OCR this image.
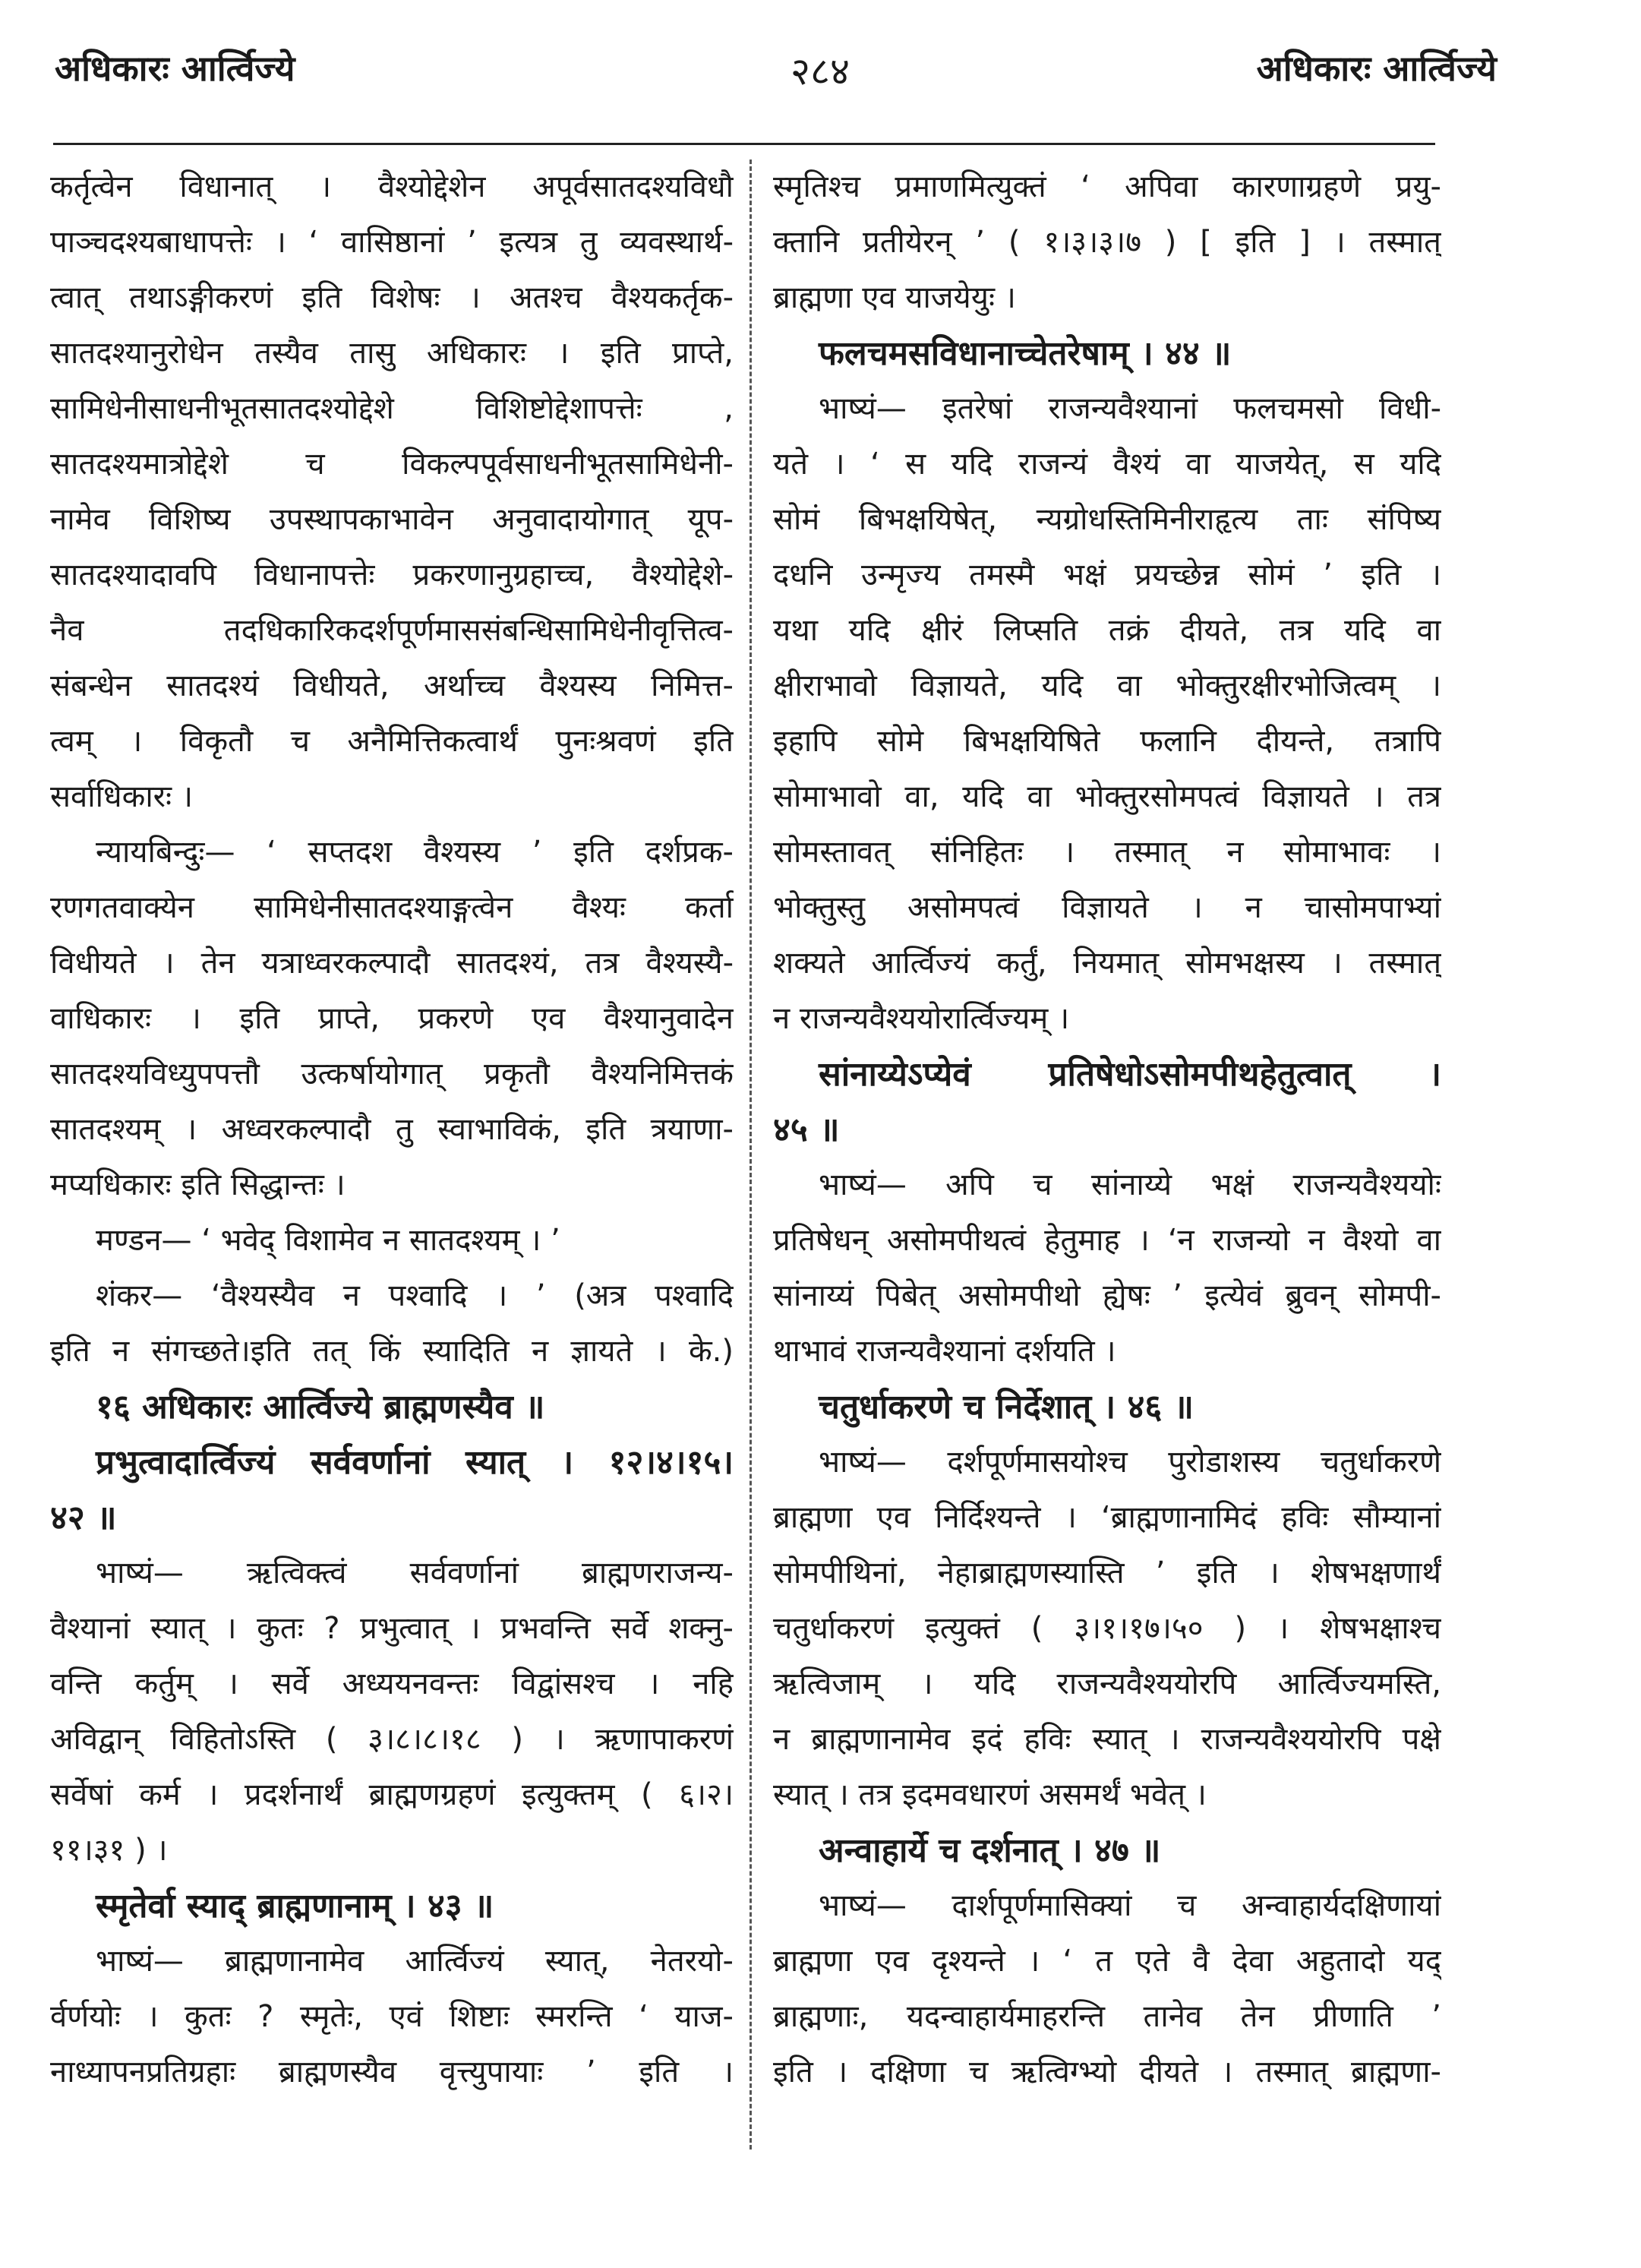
अधिकारः आर्त्विज्ये	२८४	अधिकारः आर्त्विज्ये
कर्तृत्वेन विधानात् । वैश्योद्देशेन अपूर्वसातदश्यविधौ
पाञ्चदश्यबाधापत्तेः । ‘ वासिष्ठानां ’ इत्यत्र तु व्यवस्थार्थ-
त्वात् तथाऽङ्गीकरणं इति विशेषः । अतश्च वैश्यकर्तृक-
सातदश्यानुरोधेन तस्यैव तासु अधिकारः । इति प्राप्ते,
सामिधेनीसाधनीभूतसातदश्योद्देशे विशिष्टोद्देशापत्तेः ,
सातदश्यमात्रोद्देशे च विकल्पपूर्वसाधनीभूतसामिधेनी-
नामेव विशिष्य उपस्थापकाभावेन अनुवादायोगात् यूप-
सातदश्यादावपि विधानापत्तेः प्रकरणानुग्रहाच्च, वैश्योद्देशे-
नैव तदधिकारिकदर्शपूर्णमाससंबन्धिसामिधेनीवृत्तित्व-
संबन्धेन सातदश्यं विधीयते, अर्थाच्च वैश्यस्य निमित्त-
त्वम् । विकृतौ च अनैमित्तिकत्वार्थं पुनःश्रवणं इति
सर्वाधिकारः ।
न्यायबिन्दुः— ‘ सप्तदश वैश्यस्य ’ इति दर्शप्रक-
रणगतवाक्येन सामिधेनीसातदश्याङ्गत्वेन वैश्यः कर्ता
विधीयते । तेन यत्राध्वरकल्पादौ सातदश्यं, तत्र वैश्यस्यै-
वाधिकारः । इति प्राप्ते, प्रकरणे एव वैश्यानुवादेन
सातदश्यविध्युपपत्तौ उत्कर्षायोगात् प्रकृतौ वैश्यनिमित्तकं
सातदश्यम् । अध्वरकल्पादौ तु स्वाभाविकं, इति त्रयाणा-
मप्यधिकारः इति सिद्धान्तः ।
मण्डन— ‘ भवेद् विशामेव न सातदश्यम् । ’
शंकर— ‘वैश्यस्यैव न पश्वादि । ’ (अत्र पश्वादि
इति न संगच्छते।इति तत् किं स्यादिति न ज्ञायते । के.)
१६ अधिकारः आर्त्विज्ये ब्राह्मणस्यैव ॥
प्रभुत्वादार्त्विज्यं सर्ववर्णानां स्यात् । १२।४।१५।
४२ ॥
भाष्यं— ऋत्विक्त्वं सर्ववर्णानां ब्राह्मणराजन्य-
वैश्यानां स्यात् । कुतः ? प्रभुत्वात् । प्रभवन्ति सर्वे शक्नु-
वन्ति कर्तुम् । सर्वे अध्ययनवन्तः विद्वांसश्च । नहि
अविद्वान् विहितोऽस्ति ( ३।८।८।१८ ) । ऋणापाकरणं
सर्वेषां कर्म । प्रदर्शनार्थं ब्राह्मणग्रहणं इत्युक्तम् ( ६।२।
११।३१ ) ।
स्मृतेर्वा स्याद् ब्राह्मणानाम् । ४३ ॥
भाष्यं— ब्राह्मणानामेव आर्त्विज्यं स्यात्, नेतरयो-
र्वर्णयोः । कुतः ? स्मृतेः, एवं शिष्टाः स्मरन्ति ‘ याज-
नाध्यापनप्रतिग्रहाः ब्राह्मणस्यैव वृत्त्युपायाः ’ इति ।
स्मृतिश्च प्रमाणमित्युक्तं ‘ अपिवा कारणाग्रहणे प्रयु-
क्तानि प्रतीयेरन् ’ ( १।३।३।७ ) [ इति ] । तस्मात्
ब्राह्मणा एव याजयेयुः ।
फलचमसविधानाच्चेतरेषाम् । ४४ ॥
भाष्यं— इतरेषां राजन्यवैश्यानां फलचमसो विधी-
यते । ‘ स यदि राजन्यं वैश्यं वा याजयेत्, स यदि
सोमं बिभक्षयिषेत्, न्यग्रोधस्तिमिनीराहृत्य ताः संपिष्य
दधनि उन्मृज्य तमस्मै भक्षं प्रयच्छेन्न सोमं ’ इति ।
यथा यदि क्षीरं लिप्सति तक्रं दीयते, तत्र यदि वा
क्षीराभावो विज्ञायते, यदि वा भोक्तुरक्षीरभोजित्वम् ।
इहापि सोमे बिभक्षयिषिते फलानि दीयन्ते, तत्रापि
सोमाभावो वा, यदि वा भोक्तुरसोमपत्वं विज्ञायते । तत्र
सोमस्तावत् संनिहितः । तस्मात् न सोमाभावः ।
भोक्तुस्तु असोमपत्वं विज्ञायते । न चासोमपाभ्यां
शक्यते आर्त्विज्यं कर्तुं, नियमात् सोमभक्षस्य । तस्मात्
न राजन्यवैश्ययोरार्त्विज्यम् ।
सांनाय्येऽप्येवं प्रतिषेधोऽसोमपीथहेतुत्वात् ।
४५ ॥
भाष्यं— अपि च सांनाय्ये भक्षं राजन्यवैश्ययोः
प्रतिषेधन् असोमपीथत्वं हेतुमाह । ‘न राजन्यो न वैश्यो वा
सांनाय्यं पिबेत् असोमपीथो ह्येषः ’ इत्येवं ब्रुवन् सोमपी-
थाभावं राजन्यवैश्यानां दर्शयति ।
चतुर्धाकरणे च निर्देशात् । ४६ ॥
भाष्यं— दर्शपूर्णमासयोश्च पुरोडाशस्य चतुर्धाकरणे
ब्राह्मणा एव निर्दिश्यन्ते । ‘ब्राह्मणानामिदं हविः सौम्यानां
सोमपीथिनां, नेहाब्राह्मणस्यास्ति ’ इति । शेषभक्षणार्थं
चतुर्धाकरणं इत्युक्तं ( ३।१।१७।५० ) । शेषभक्षाश्च
ऋत्विजाम् । यदि राजन्यवैश्ययोरपि आर्त्विज्यमस्ति,
न ब्राह्मणानामेव इदं हविः स्यात् । राजन्यवैश्ययोरपि पक्षे
स्यात् । तत्र इदमवधारणं असमर्थं भवेत् ।
अन्वाहार्ये च दर्शनात् । ४७ ॥
भाष्यं— दार्शपूर्णमासिक्यां च अन्वाहार्यदक्षिणायां
ब्राह्मणा एव दृश्यन्ते । ‘ त एते वै देवा अहुतादो यद्
ब्राह्मणाः, यदन्वाहार्यमाहरन्ति तानेव तेन प्रीणाति ’
इति । दक्षिणा च ऋत्विग्भ्यो दीयते । तस्मात् ब्राह्मणा-
